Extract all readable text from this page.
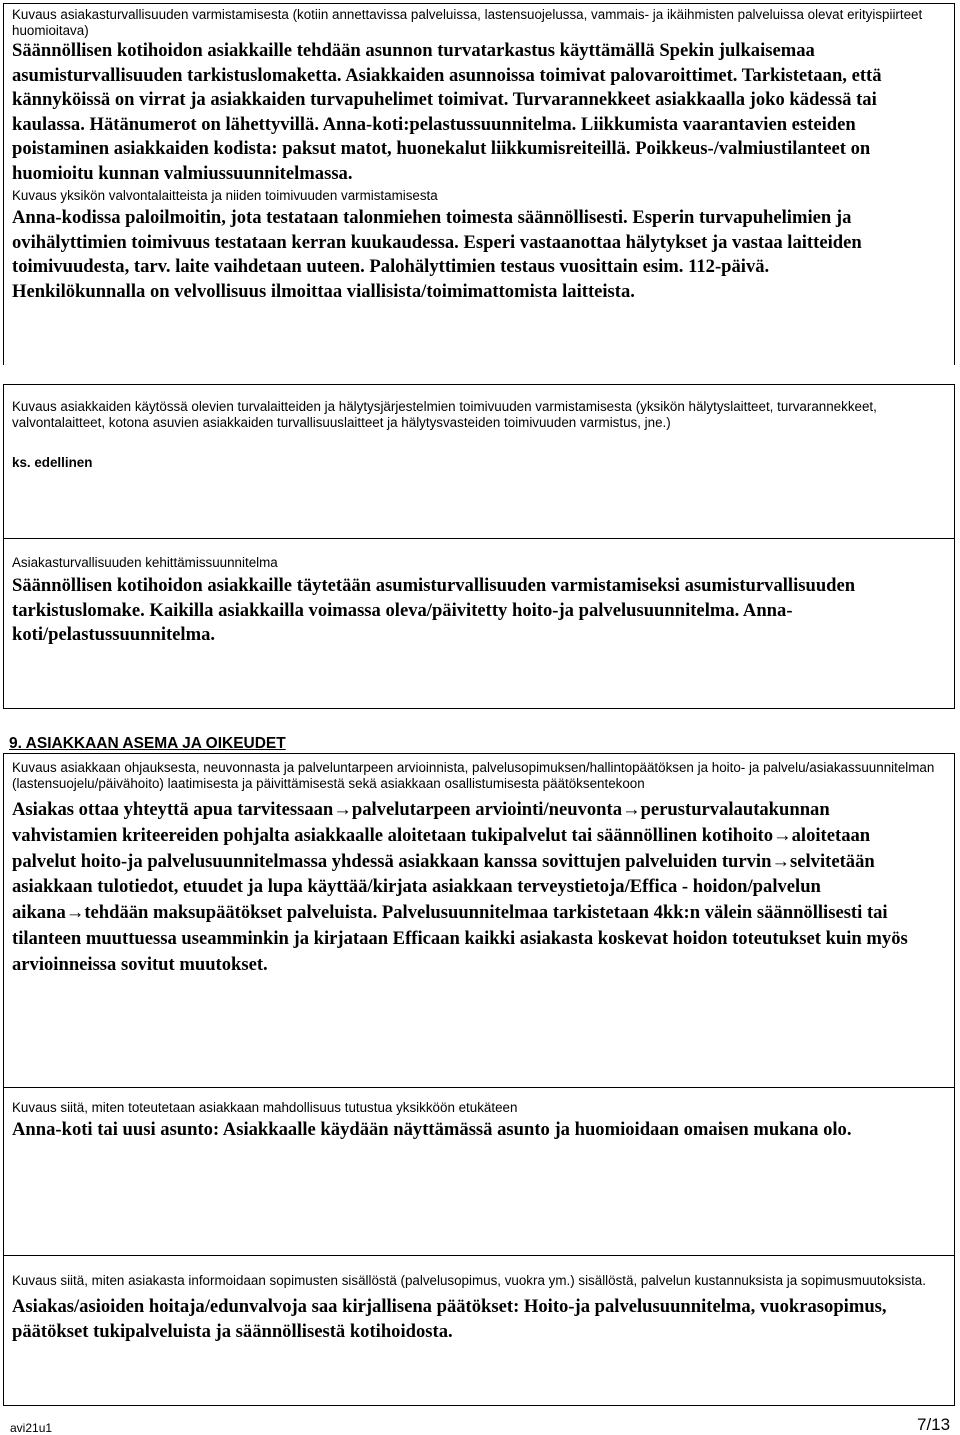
Kuvaus asiakasturvallisuuden varmistamisesta (kotiin annettavissa palveluissa, lastensuojelussa, vammais- ja ikäihmisten palveluissa olevat erityispiirteet huomioitava)

Säännöllisen kotihoidon asiakkaille tehdään asunnon turvatarkastus käyttämällä Spekin julkaisemaa asumisturvallisuuden tarkistuslomaketta. Asiakkaiden asunnoissa toimivat palovaroittimet. Tarkistetaan, että kännyköissä on virrat ja asiakkaiden turvapuhelimet toimivat. Turvarannekkeet asiakkaalla joko kädessä tai kaulassa. Hätänumerot on lähettyvillä. Anna-koti:pelastussuunnitelma. Liikkumista vaarantavien esteiden poistaminen asiakkaiden kodista: paksut matot, huonekalut liikkumisreiteillä. Poikkeus-/valmiustilanteet on huomioitu kunnan valmiussuunnitelmassa.

Kuvaus yksikön valvontalaitteista ja niiden toimivuuden varmistamisesta

Anna-kodissa paloilmoitin, jota testataan talonmiehen toimesta säännöllisesti. Esperin turvapuhelimien ja ovihälyttimien toimivuus testataan kerran kuukaudessa. Esperi vastaanottaa hälytykset ja vastaa laitteiden toimivuudesta, tarv. laite vaihdetaan uuteen. Palohälyttimien testaus vuosittain esim. 112-päivä.

Henkilökunnalla on velvollisuus ilmoittaa viallisista/toimimattomista laitteista.

Kuvaus asiakkaiden käytössä olevien turvalaitteiden ja hälytysjärjestelmien toimivuuden varmistamisesta (yksikön hälytyslaitteet, turvarannekkeet, valvontalaitteet, kotona asuvien asiakkaiden turvallisuuslaitteet ja hälytysvasteiden toimivuuden varmistus, jne.)

ks. edellinen

Asiakasturvallisuuden kehittämissuunnitelma

Säännöllisen kotihoidon asiakkaille täytetään asumisturvallisuuden varmistamiseksi asumisturvallisuuden tarkistuslomake. Kaikilla asiakkailla voimassa oleva/päivitetty hoito-ja palvelusuunnitelma. Anna-koti/pelastussuunnitelma.

9. ASIAKKAAN ASEMA JA OIKEUDET

Kuvaus asiakkaan ohjauksesta, neuvonnasta ja palveluntarpeen arvioinnista, palvelusopimuksen/hallintopäätöksen ja hoito- ja palvelu/asiakassuunnitelman (lastensuojelu/päivähoito) laatimisesta ja päivittämisestä sekä asiakkaan osallistumisesta päätöksentekoon

Asiakas ottaa yhteyttä apua tarvitessaan→palvelutarpeen arviointi/neuvonta→perusturvalautakunnan vahvistamien kriteereiden pohjalta asiakkaalle aloitetaan tukipalvelut tai säännöllinen kotihoito→aloitetaan palvelut hoito-ja palvelusuunnitelmassa yhdessä asiakkaan kanssa sovittujen palveluiden turvin→selvitetään asiakkaan tulotiedot, etuudet ja lupa käyttää/kirjata asiakkaan terveystietoja/Effica - hoidon/palvelun aikana→tehdään maksupäätökset palveluista. Palvelusuunnitelmaa tarkistetaan 4kk:n välein säännöllisesti tai tilanteen muuttuessa useamminkin ja kirjataan Efficaan kaikki asiakasta koskevat hoidon toteutukset kuin myös arvioinneissa sovitut muutokset.

Kuvaus siitä, miten toteutetaan asiakkaan mahdollisuus tutustua yksikköön etukäteen

Anna-koti tai uusi asunto: Asiakkaalle käydään näyttämässä asunto ja huomioidaan omaisen mukana olo.

Kuvaus siitä, miten asiakasta informoidaan sopimusten sisällöstä (palvelusopimus, vuokra ym.) sisällöstä, palvelun kustannuksista ja sopimusmuutoksista.

Asiakas/asioiden hoitaja/edunvalvoja saa kirjallisena päätökset: Hoito-ja palvelusuunnitelma, vuokrasopimus, päätökset tukipalveluista ja säännöllisestä kotihoidosta.

avi21u1	7/13
